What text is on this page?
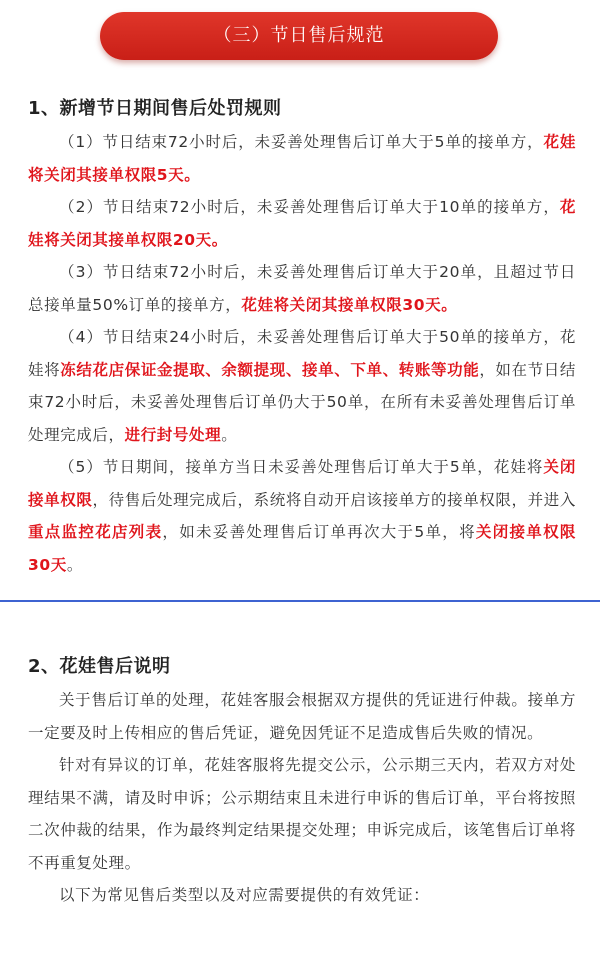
（三）节日售后规范
1、新增节日期间售后处罚规则

（1）节日结束72小时后，未妥善处理售后订单大于5单的接单方，花娃将关闭其接单权限5天。

（2）节日结束72小时后，未妥善处理售后订单大于10单的接单方，花娃将关闭其接单权限20天。

（3）节日结束72小时后，未妥善处理售后订单大于20单，且超过节日总接单量50%订单的接单方，花娃将关闭其接单权限30天。

（4）节日结束24小时后，未妥善处理售后订单大于50单的接单方，花娃将冻结花店保证金提取、余额提现、接单、下单、转账等功能，如在节日结束72小时后，未妥善处理售后订单仍大于50单，在所有未妥善处理售后订单处理完成后，进行封号处理。

（5）节日期间，接单方当日未妥善处理售后订单大于5单，花娃将关闭接单权限，待售后处理完成后，系统将自动开启该接单方的接单权限，并进入重点监控花店列表，如未妥善处理售后订单再次大于5单，将关闭接单权限30天。

2、花娃售后说明

关于售后订单的处理，花娃客服会根据双方提供的凭证进行仲裁。接单方一定要及时上传相应的售后凭证，避免因凭证不足造成售后失败的情况。

针对有异议的订单，花娃客服将先提交公示，公示期三天内，若双方对处理结果不满，请及时申诉；公示期结束且未进行申诉的售后订单，平台将按照二次仲裁的结果，作为最终判定结果提交处理；申诉完成后，该笔售后订单将不再重复处理。

以下为常见售后类型以及对应需要提供的有效凭证：
